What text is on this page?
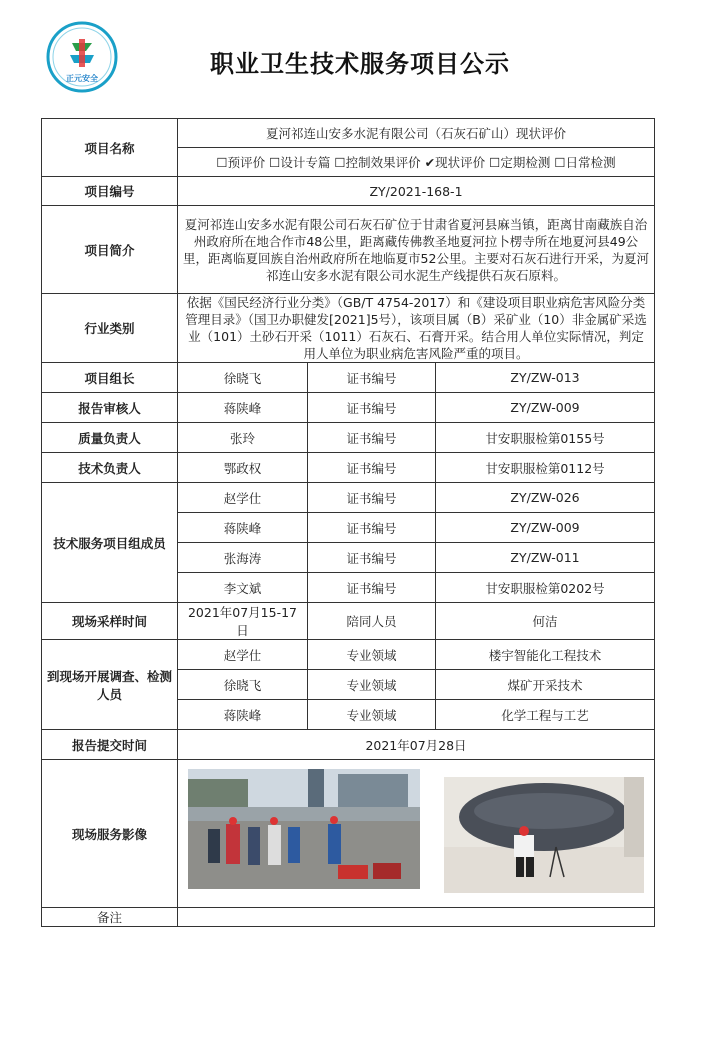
正元安全
职业卫生技术服务项目公示
项目名称	夏河祁连山安多水泥有限公司（石灰石矿山）现状评价		
	☐预评价 ☐设计专篇 ☐控制效果评价 ✔现状评价 ☐定期检测 ☐日常检测		
项目编号	ZY/2021-168-1		
项目简介	夏河祁连山安多水泥有限公司石灰石矿位于甘肃省夏河县麻当镇，距离甘南藏族自治州政府所在地合作市48公里，距离藏传佛教圣地夏河拉卜楞寺所在地夏河县49公里，距离临夏回族自治州政府所在地临夏市52公里。主要对石灰石进行开采，为夏河祁连山安多水泥有限公司水泥生产线提供石灰石原料。		
行业类别	依据《国民经济行业分类》（GB/T 4754-2017）和《建设项目职业病危害风险分类管理目录》（国卫办职健发[2021]5号），该项目属（B）采矿业（10）非金属矿采选业（101）土砂石开采（1011）石灰石、石膏开采。结合用人单位实际情况，判定用人单位为职业病危害风险严重的项目。		
项目组长	徐晓飞	证书编号	ZY/ZW-013
报告审核人	蒋陕峰	证书编号	ZY/ZW-009
质量负责人	张玲	证书编号	甘安职服检第0155号
技术负责人	鄂政权	证书编号	甘安职服检第0112号
技术服务项目组成员	赵学仕	证书编号	ZY/ZW-026
	蒋陕峰	证书编号	ZY/ZW-009
	张海涛	证书编号	ZY/ZW-011
	李文斌	证书编号	甘安职服检第0202号
现场采样时间	2021年07月15-17日	陪同人员	何洁
到现场开展调查、检测人员	赵学仕	专业领域	楼宇智能化工程技术
	徐晓飞	专业领域	煤矿开采技术
	蒋陕峰	专业领域	化学工程与工艺
报告提交时间	2021年07月28日		
现场服务影像	

备注			
